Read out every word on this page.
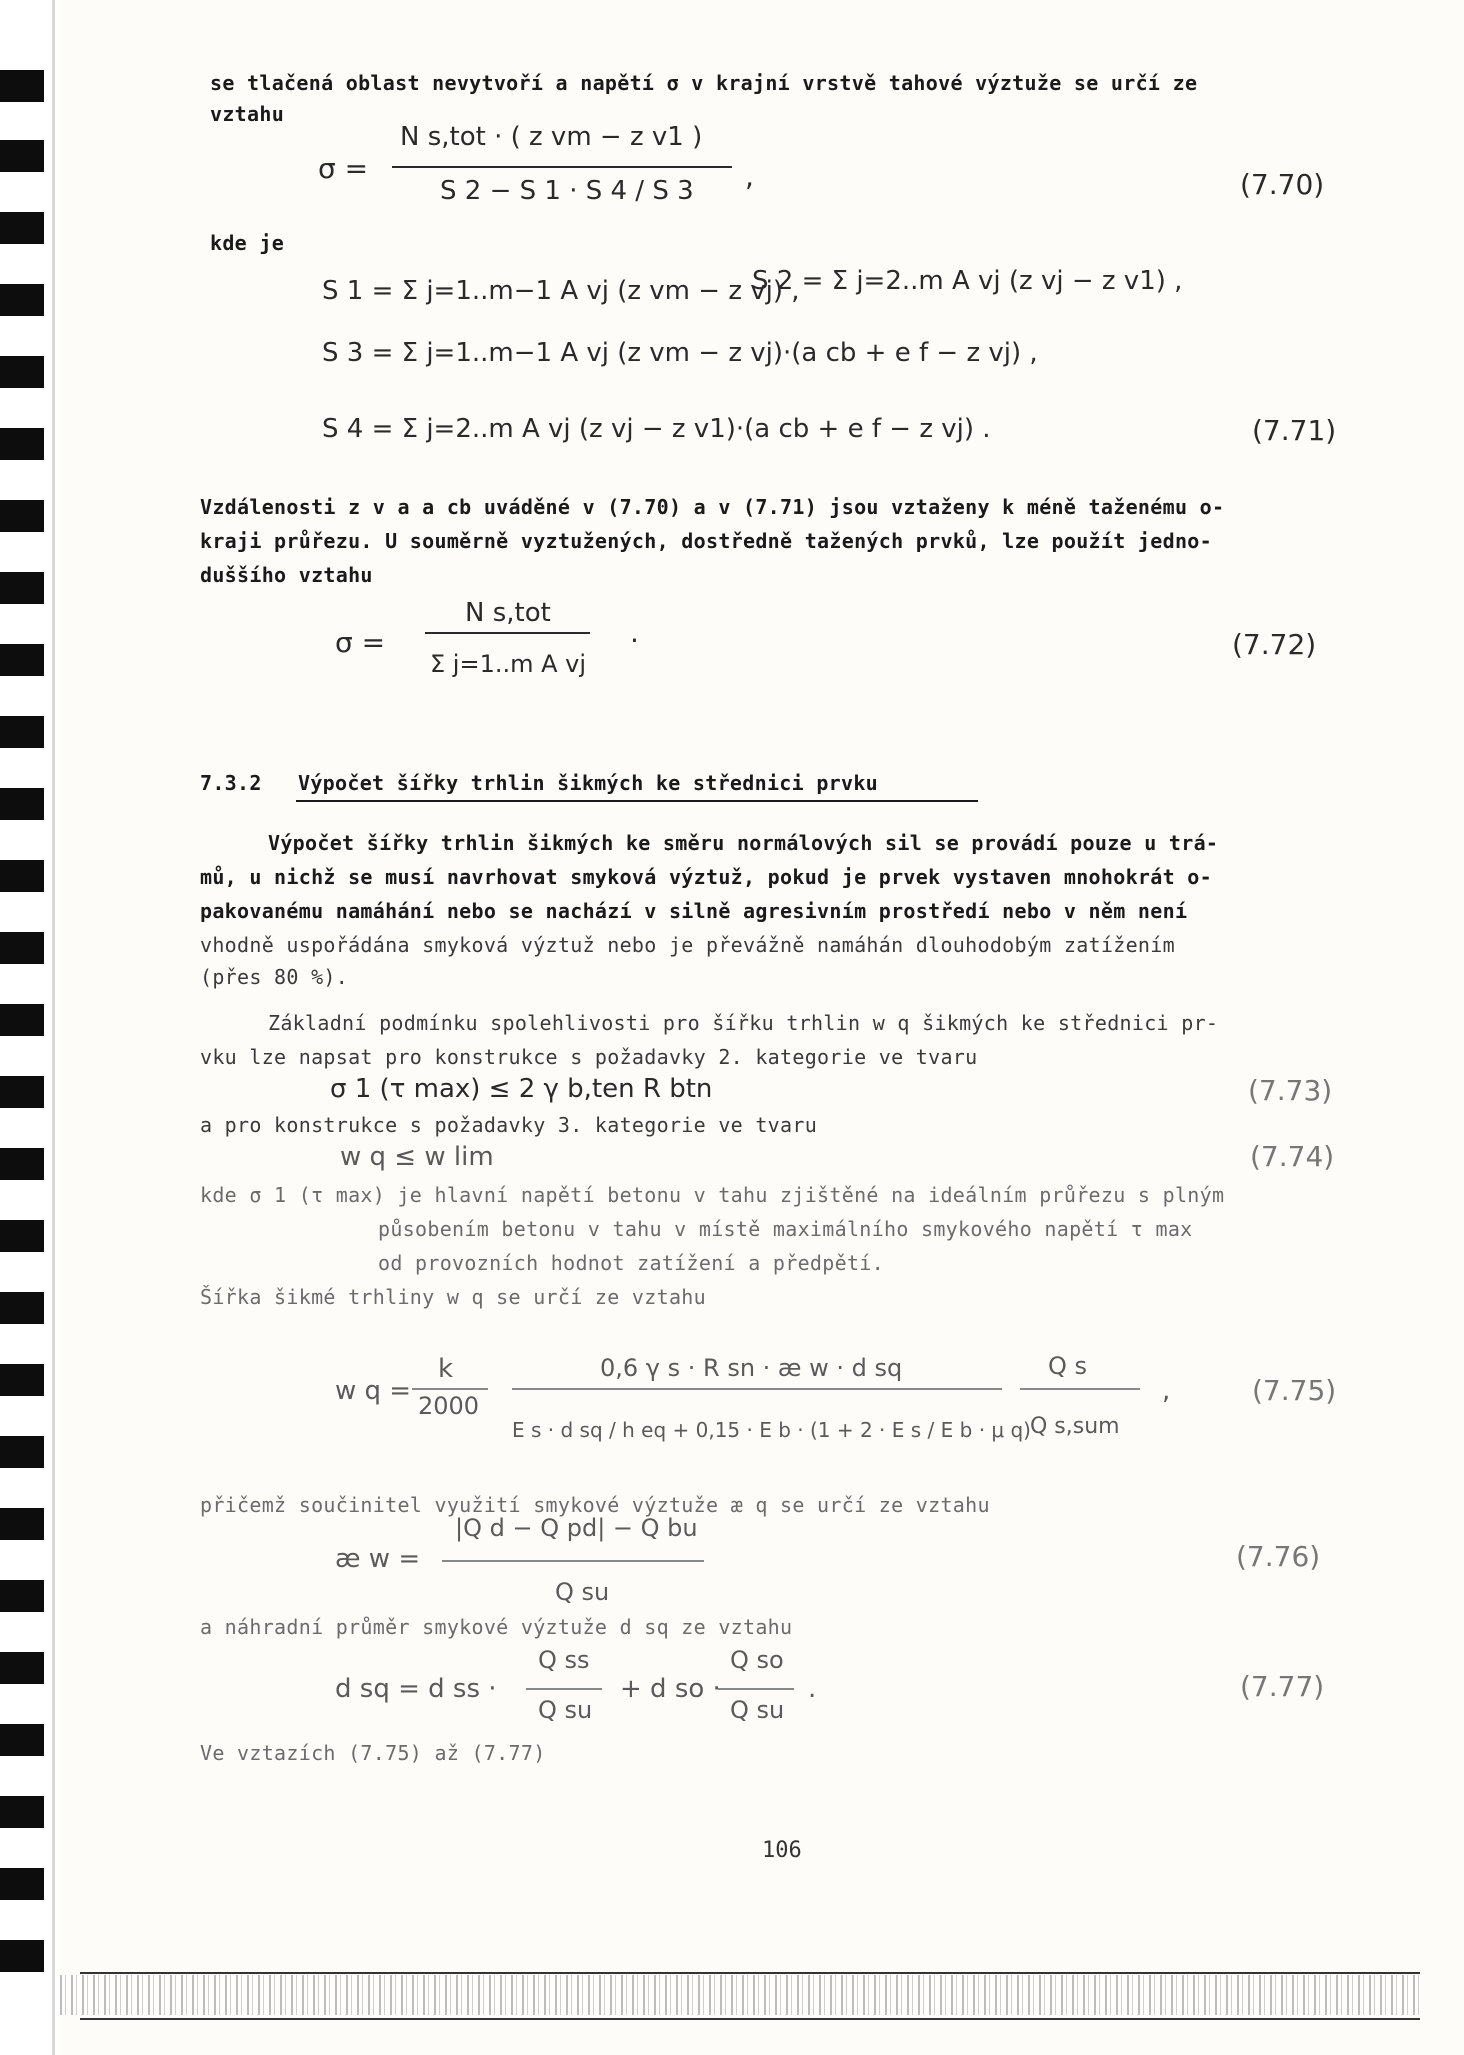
se tlačená oblast nevytvoří a napětí σ v krajní vrstvě tahové výztuže se určí ze
vztahu
σ =
N s,tot · ( z vm − z v1 )
S 2 − S 1 · S 4 / S 3 ,	(7.70)
kde je
S 1 = Σ j=1..m−1 A vj (z vm − z vj) ,
S 2 = Σ j=2..m A vj (z vj − z v1) ,
S 3 = Σ j=1..m−1 A vj (z vm − z vj)·(a cb + e f − z vj) ,
S 4 = Σ j=2..m A vj (z vj − z v1)·(a cb + e f − z vj) .	(7.71)
Vzdálenosti z v a a cb uváděné v (7.70) a v (7.71) jsou vztaženy k méně taženému o-
kraji průřezu. U souměrně vyztužených, dostředně tažených prvků, lze použít jedno-
duššího vztahu
σ =
N s,tot
Σ j=1..m A vj
.	(7.72)
7.3.2 Výpočet šířky trhlin šikmých ke střednici prvku
Výpočet šířky trhlin šikmých ke směru normálových sil se provádí pouze u trá-
mů, u nichž se musí navrhovat smyková výztuž, pokud je prvek vystaven mnohokrát o-
pakovanému namáhání nebo se nachází v silně agresivním prostředí nebo v něm není
vhodně uspořádána smyková výztuž nebo je převážně namáhán dlouhodobým zatížením
(přes 80 %).
Základní podmínku spolehlivosti pro šířku trhlin w q šikmých ke střednici pr-
vku lze napsat pro konstrukce s požadavky 2. kategorie ve tvaru
σ 1 (τ max) ≤ 2 γ b,ten R btn	(7.73)
a pro konstrukce s požadavky 3. kategorie ve tvaru
w q ≤ w lim	(7.74)
kde σ 1 (τ max) je hlavní napětí betonu v tahu zjištěné na ideálním průřezu s plným
působením betonu v tahu v místě maximálního smykového napětí τ max
od provozních hodnot zatížení a předpětí.
Šířka šikmé trhliny w q se určí ze vztahu
w q =
k
2000
0,6 γ s · R sn · æ w · d sq
E s · d sq / h eq + 0,15 · E b · (1 + 2 · E s / E b · μ q)
Q s
Q s,sum
,	(7.75)
přičemž součinitel využití smykové výztuže æ q se určí ze vztahu
æ w =
|Q d − Q pd| − Q bu
Q su
(7.76)
a náhradní průměr smykové výztuže d sq ze vztahu
d sq = d ss ·
Q ss
Q su
+ d so ·
Q so
Q su
.	(7.77)
Ve vztazích (7.75) až (7.77)
106
